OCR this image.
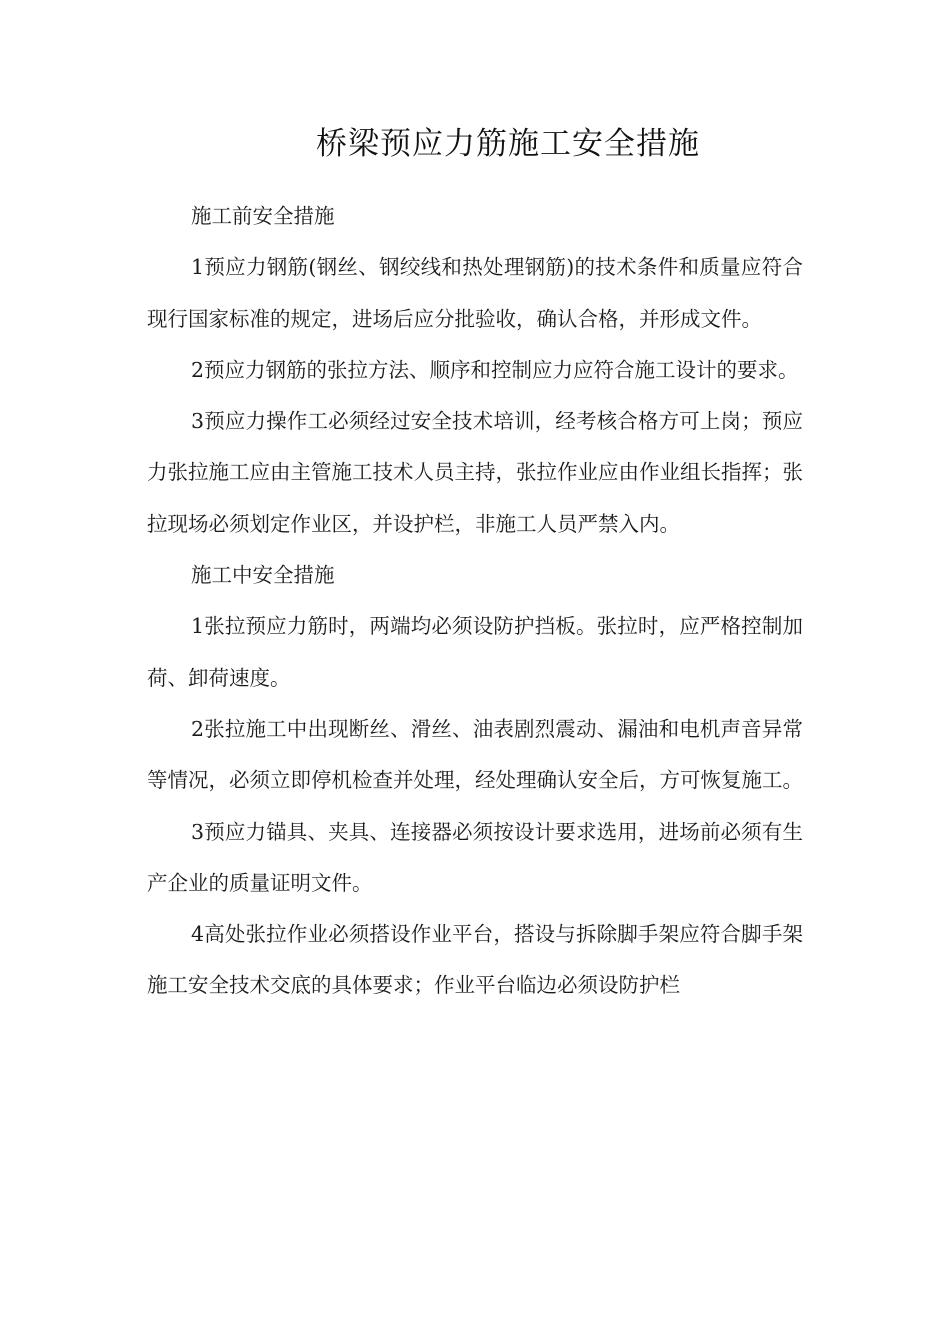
桥梁预应力筋施工安全措施

施工前安全措施

1预应力钢筋(钢丝、钢绞线和热处理钢筋)的技术条件和质量应符合现行国家标准的规定，进场后应分批验收，确认合格，并形成文件。

2预应力钢筋的张拉方法、顺序和控制应力应符合施工设计的要求。

3预应力操作工必须经过安全技术培训，经考核合格方可上岗；预应力张拉施工应由主管施工技术人员主持，张拉作业应由作业组长指挥；张拉现场必须划定作业区，并设护栏，非施工人员严禁入内。

施工中安全措施

1张拉预应力筋时，两端均必须设防护挡板。张拉时，应严格控制加荷、卸荷速度。

2张拉施工中出现断丝、滑丝、油表剧烈震动、漏油和电机声音异常等情况，必须立即停机检查并处理，经处理确认安全后，方可恢复施工。

3预应力锚具、夹具、连接器必须按设计要求选用，进场前必须有生产企业的质量证明文件。

4高处张拉作业必须搭设作业平台，搭设与拆除脚手架应符合脚手架施工安全技术交底的具体要求；作业平台临边必须设防护栏
